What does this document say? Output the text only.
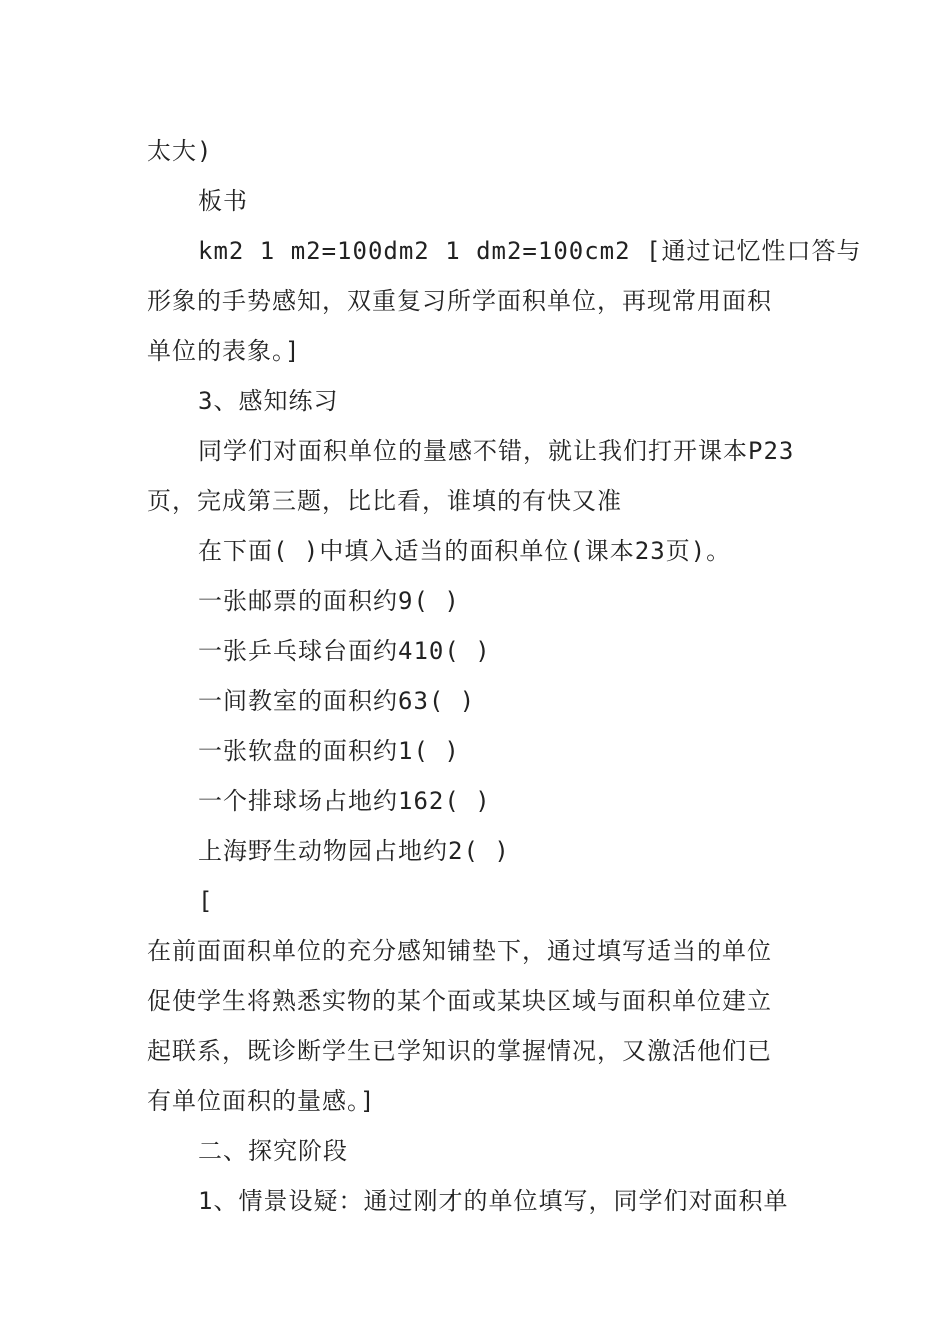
太大)
板书
km2 1 m2=100dm2 1 dm2=100cm2 [通过记忆性口答与
形象的手势感知，双重复习所学面积单位，再现常用面积
单位的表象。]
3、感知练习
同学们对面积单位的量感不错，就让我们打开课本P23
页，完成第三题，比比看，谁填的有快又准
在下面( )中填入适当的面积单位(课本23页)。
一张邮票的面积约9( )
一张乒乓球台面约410( )
一间教室的面积约63( )
一张软盘的面积约1( )
一个排球场占地约162( )
上海野生动物园占地约2( )
[
在前面面积单位的充分感知铺垫下，通过填写适当的单位
促使学生将熟悉实物的某个面或某块区域与面积单位建立
起联系，既诊断学生已学知识的掌握情况，又激活他们已
有单位面积的量感。]
二、探究阶段
1、情景设疑：通过刚才的单位填写，同学们对面积单
